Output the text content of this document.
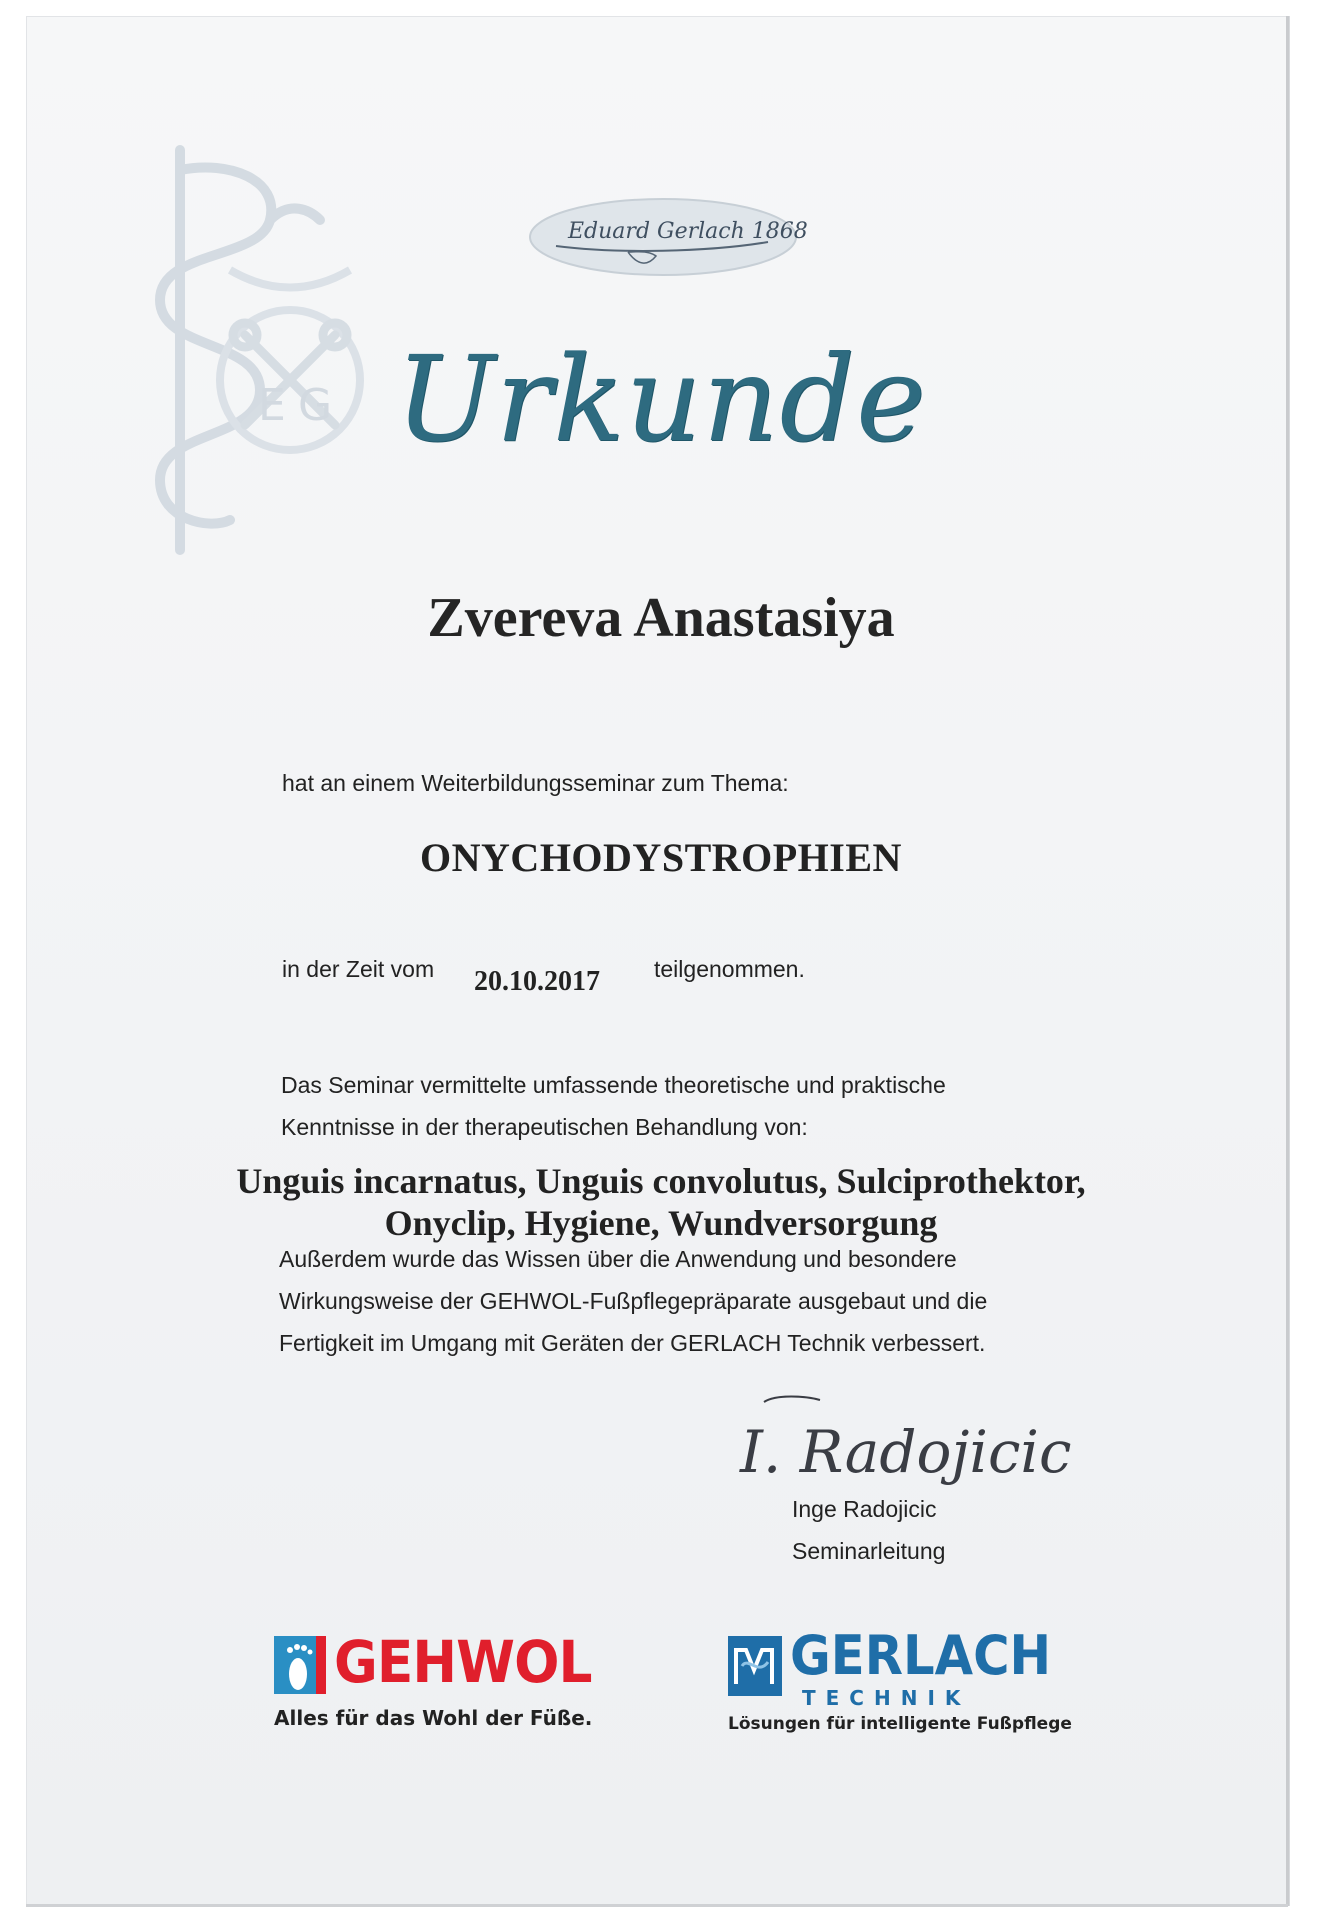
E G
Eduard Gerlach 1868
Urkunde
Zvereva Anastasiya
hat an einem Weiterbildungsseminar zum Thema:
ONYCHODYSTROPHIEN
in der Zeit vom 20.10.2017 teilgenommen.
Das Seminar vermittelte umfassende theoretische und praktische
Kenntnisse in der therapeutischen Behandlung von:
Unguis incarnatus, Unguis convolutus, Sulciprothektor,
Onyclip, Hygiene, Wundversorgung
Außerdem wurde das Wissen über die Anwendung und besondere
Wirkungsweise der GEHWOL-Fußpflegepräparate ausgebaut und die
Fertigkeit im Umgang mit Geräten der GERLACH Technik verbessert.
I. Radojicic
Inge Radojicic
Seminarleitung
GEHWOL
Alles für das Wohl der Füße.
GERLACH
TECHNIK
Lösungen für intelligente Fußpflege
